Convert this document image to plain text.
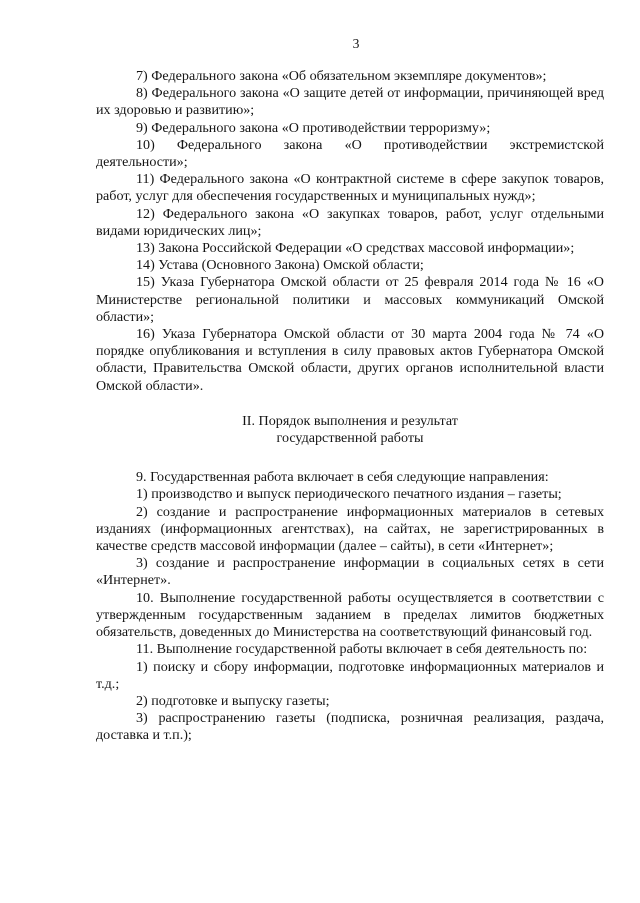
3

7) Федерального закона «Об обязательном экземпляре документов»;

8) Федерального закона «О защите детей от информации, причиняющей вред их здоровью и развитию»;

9) Федерального закона «О противодействии терроризму»;

10) Федерального закона «О противодействии экстремистской деятельности»;

11) Федерального закона «О контрактной системе в сфере закупок товаров, работ, услуг для обеспечения государственных и муниципальных нужд»;

12) Федерального закона «О закупках товаров, работ, услуг отдельными видами юридических лиц»;

13) Закона Российской Федерации «О средствах массовой информации»;

14) Устава (Основного Закона) Омской области;

15) Указа Губернатора Омской области от 25 февраля 2014 года № 16 «О Министерстве региональной политики и массовых коммуникаций Омской области»;

16) Указа Губернатора Омской области от 30 марта 2004 года № 74 «О порядке опубликования и вступления в силу правовых актов Губернатора Омской области, Правительства Омской области, других органов исполнительной власти Омской области».

II. Порядок выполнения и результат
государственной работы

9. Государственная работа включает в себя следующие направления:

1) производство и выпуск периодического печатного издания – газеты;

2) создание и распространение информационных материалов в сетевых изданиях (информационных агентствах), на сайтах, не зарегистрированных в качестве средств массовой информации (далее – сайты), в сети «Интернет»;

3) создание и распространение информации в социальных сетях в сети «Интернет».

10. Выполнение государственной работы осуществляется в соответствии с утвержденным государственным заданием в пределах лимитов бюджетных обязательств, доведенных до Министерства на соответствующий финансовый год.

11. Выполнение государственной работы включает в себя деятельность по:

1) поиску и сбору информации, подготовке информационных материалов и т.д.;

2) подготовке и выпуску газеты;

3) распространению газеты (подписка, розничная реализация, раздача, доставка и т.п.);
